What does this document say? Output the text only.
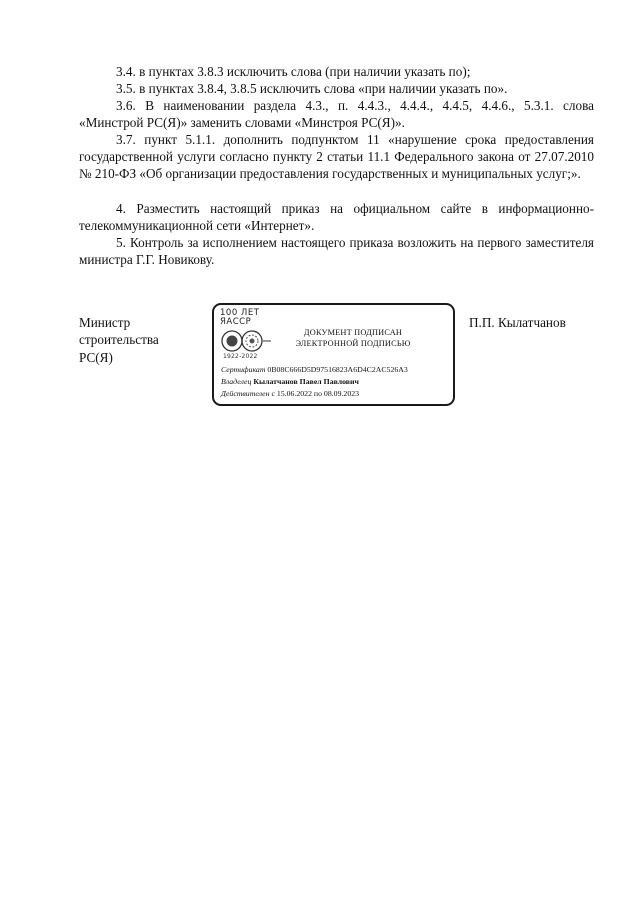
3.4. в пунктах 3.8.3 исключить слова (при наличии указать по);

3.5. в пунктах 3.8.4, 3.8.5 исключить слова «при наличии указать по».

3.6. В наименовании раздела 4.3., п. 4.4.3., 4.4.4., 4.4.5, 4.4.6., 5.3.1. слова «Минстрой РС(Я)» заменить словами «Минстроя РС(Я)».

3.7. пункт 5.1.1. дополнить подпунктом 11 «нарушение срока предоставления государственной услуги согласно пункту 2 статьи 11.1 Федерального закона от 27.07.2010 № 210-ФЗ «Об организации предоставления государственных и муниципальных услуг;».

4. Разместить настоящий приказ на официальном сайте в информационно-телекоммуникационной сети «Интернет».

5. Контроль за исполнением настоящего приказа возложить на первого заместителя министра Г.Г. Новикову.

Министр
строительства
РС(Я)
100 ЛЕТ
ЯАССР
1922-2022
ДОКУМЕНТ ПОДПИСАН
ЭЛЕКТРОННОЙ ПОДПИСЬЮ
Сертификат 0B08C666D5D97516823A6D4C2AC526A3
Владелец Кылатчанов Павел Павлович
Действителен с 15.06.2022 по 08.09.2023
П.П. Кылатчанов
